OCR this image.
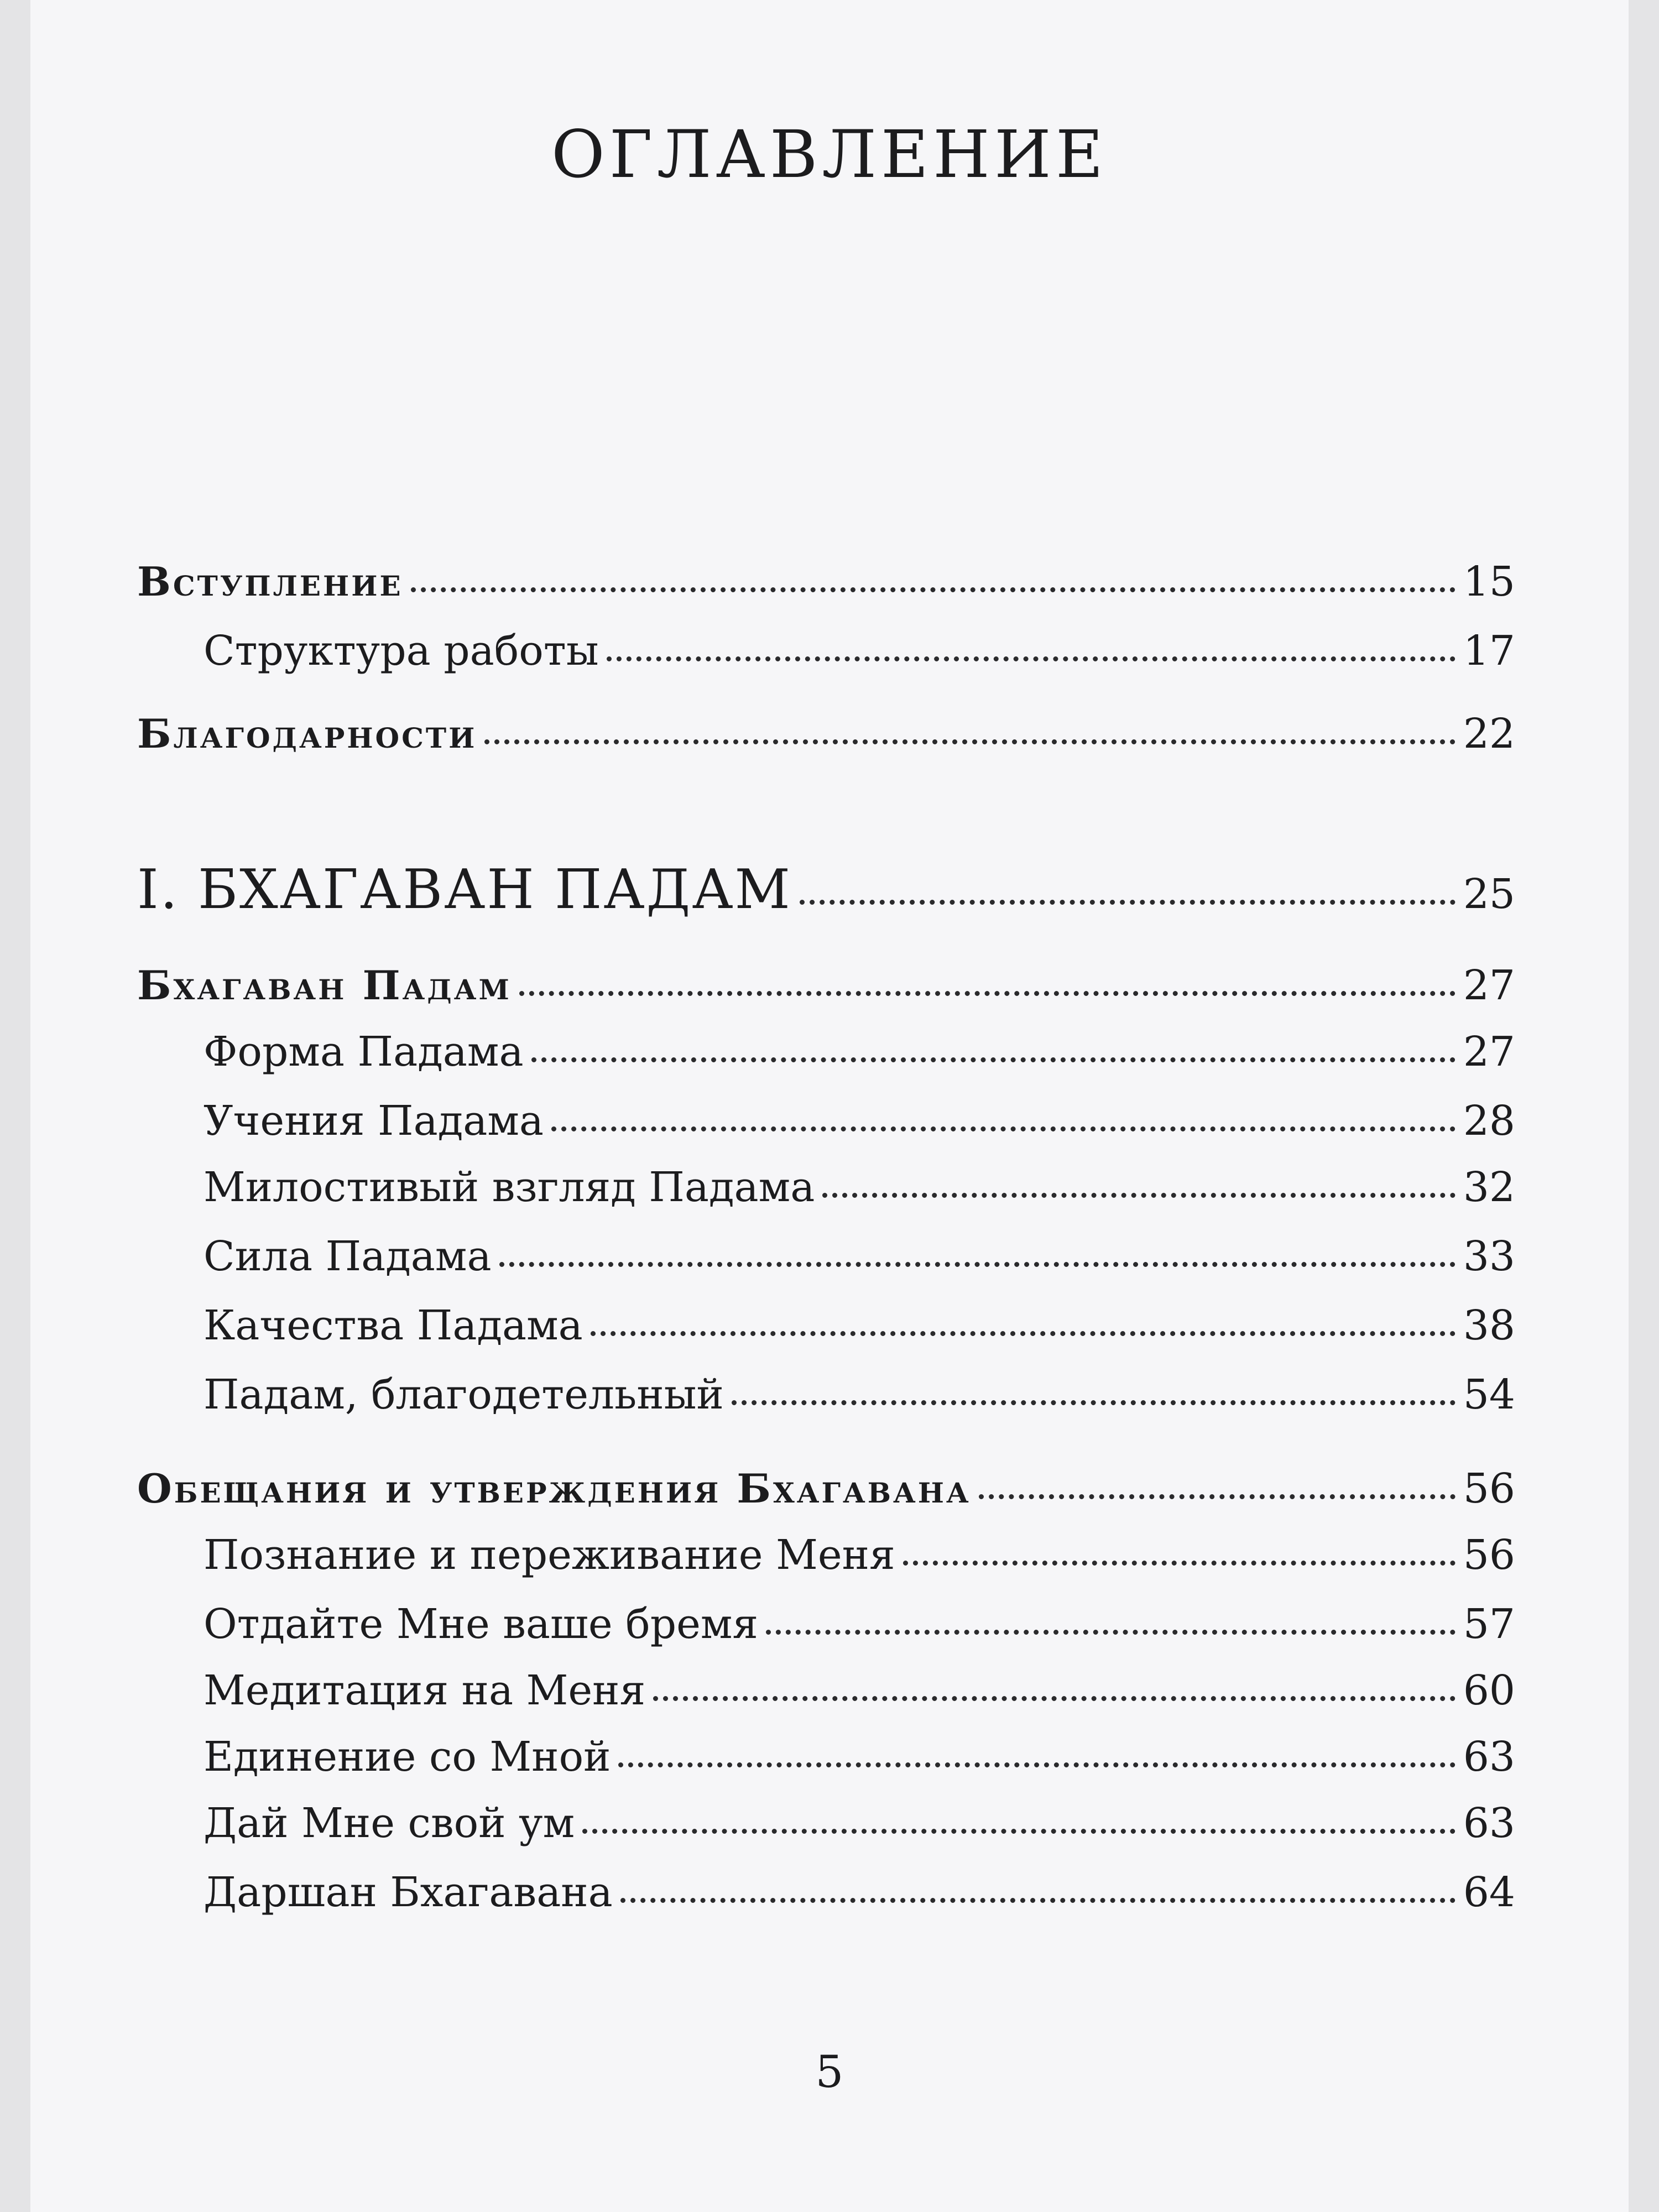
ОГЛАВЛЕНИЕ
Вступление	15
Структура работы	17
Благодарности	22
I. БХАГАВАН ПАДАМ	25
Бхагаван Падам	27
Форма Падама	27
Учения Падама	28
Милостивый взгляд Падама	32
Сила Падама	33
Качества Падама	38
Падам, благодетельный	54
Обещания и утверждения Бхагавана	56
Познание и переживание Меня	56
Отдайте Мне ваше бремя	57
Медитация на Меня	60
Единение со Мной	63
Дай Мне свой ум	63
Даршан Бхагавана	64
5
